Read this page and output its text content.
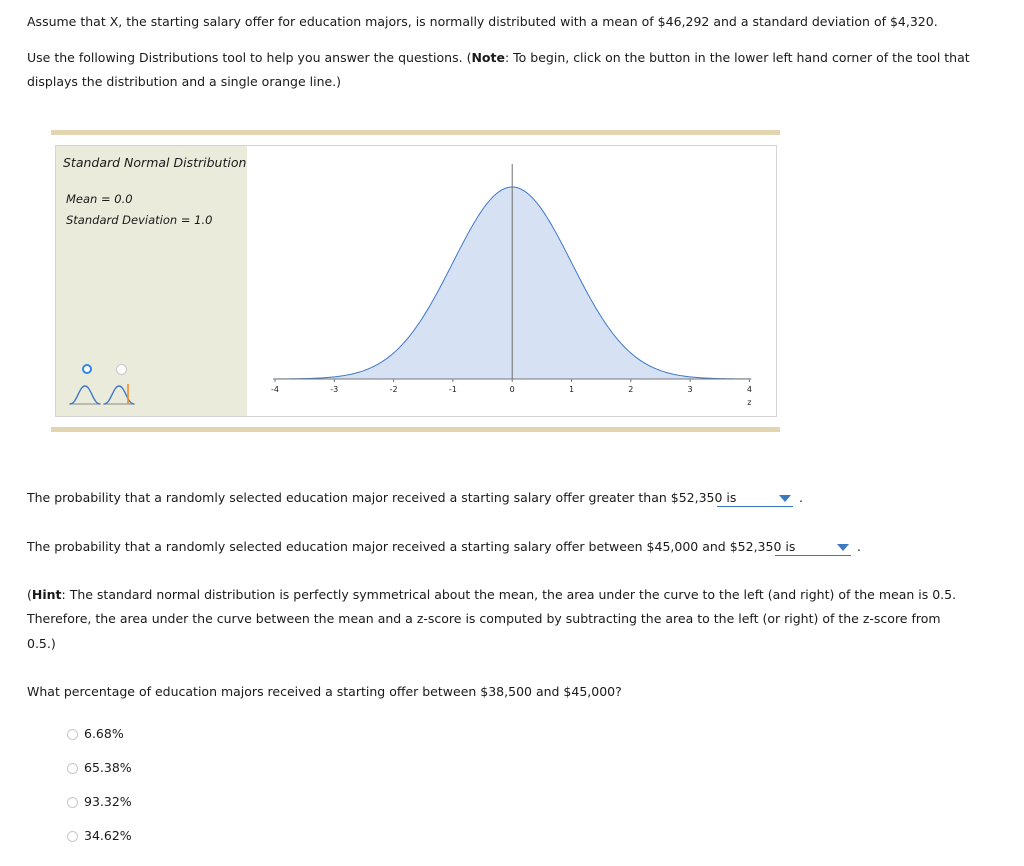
Assume that X, the starting salary offer for education majors, is normally distributed with a mean of $46,292 and a standard deviation of $4,320.
Use the following Distributions tool to help you answer the questions. (Note: To begin, click on the button in the lower left hand corner of the tool that
displays the distribution and a single orange line.)
Standard Normal Distribution
Mean = 0.0
Standard Deviation = 1.0
-4	-3	-2	-1	0	1	2	3	4
z
The probability that a randomly selected education major received a starting salary offer greater than $52,350 is	.
The probability that a randomly selected education major received a starting salary offer between $45,000 and $52,350 is	.
(Hint: The standard normal distribution is perfectly symmetrical about the mean, the area under the curve to the left (and right) of the mean is 0.5.
Therefore, the area under the curve between the mean and a z-score is computed by subtracting the area to the left (or right) of the z-score from
0.5.)
What percentage of education majors received a starting offer between $38,500 and $45,000?
6.68%
65.38%
93.32%
34.62%
